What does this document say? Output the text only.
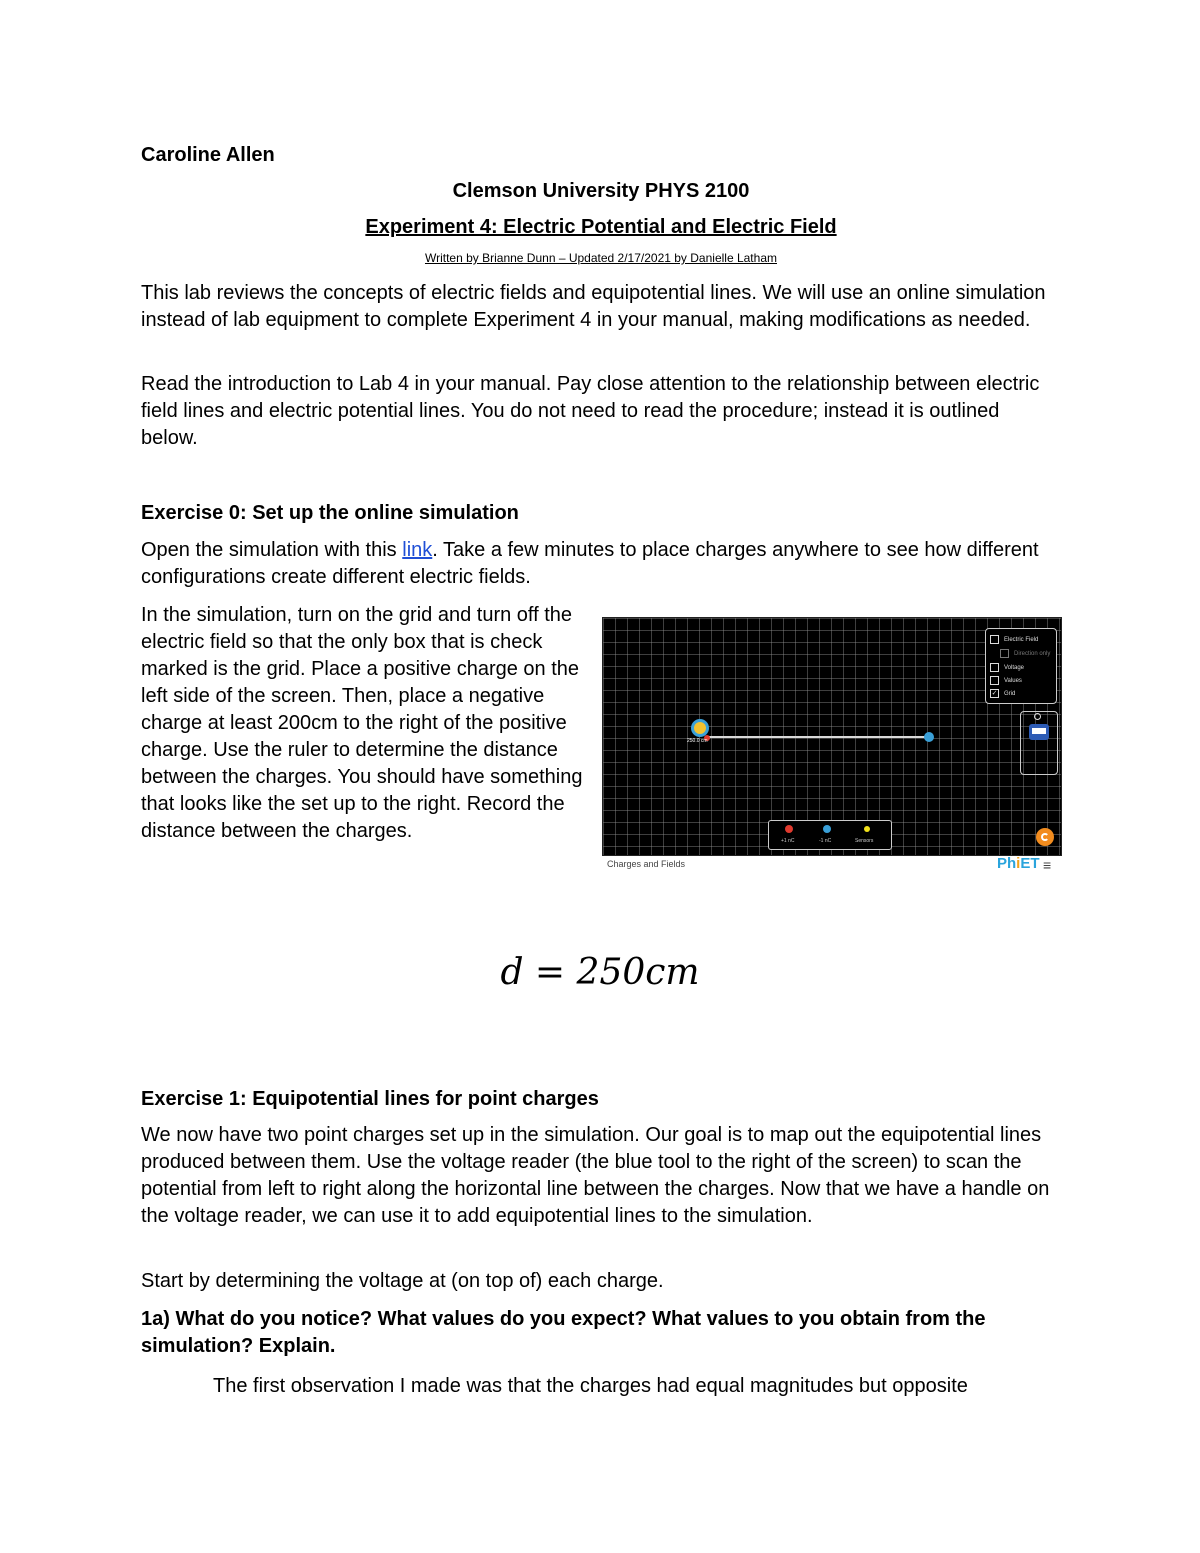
Caroline Allen

Clemson University PHYS 2100

Experiment 4: Electric Potential and Electric Field

Written by Brianne Dunn – Updated 2/17/2021 by Danielle Latham

This lab reviews the concepts of electric fields and equipotential lines. We will use an online simulation instead of lab equipment to complete Experiment 4 in your manual, making modifications as needed.

Read the introduction to Lab 4 in your manual. Pay close attention to the relationship between electric field lines and electric potential lines. You do not need to read the procedure; instead it is outlined below.

Exercise 0: Set up the online simulation

Open the simulation with this link. Take a few minutes to place charges anywhere to see how different configurations create different electric fields.

In the simulation, turn on the grid and turn off the electric field so that the only box that is check marked is the grid. Place a positive charge on the left side of the screen. Then, place a negative charge at least 200cm to the right of the positive charge. Use the ruler to determine the distance between the charges. You should have something that looks like the set up to the right. Record the distance between the charges.

250.0 cm
Electric Field
Direction only
Voltage
Values
✓ Grid
+1 nC	-1 nC	Sensors
Charges and Fields	PhiET ≡
d = 250cm

Exercise 1: Equipotential lines for point charges

We now have two point charges set up in the simulation. Our goal is to map out the equipotential lines produced between them. Use the voltage reader (the blue tool to the right of the screen) to scan the potential from left to right along the horizontal line between the charges. Now that we have a handle on the voltage reader, we can use it to add equipotential lines to the simulation.

Start by determining the voltage at (on top of) each charge.

1a) What do you notice? What values do you expect? What values to you obtain from the simulation? Explain.

The first observation I made was that the charges had equal magnitudes but opposite
